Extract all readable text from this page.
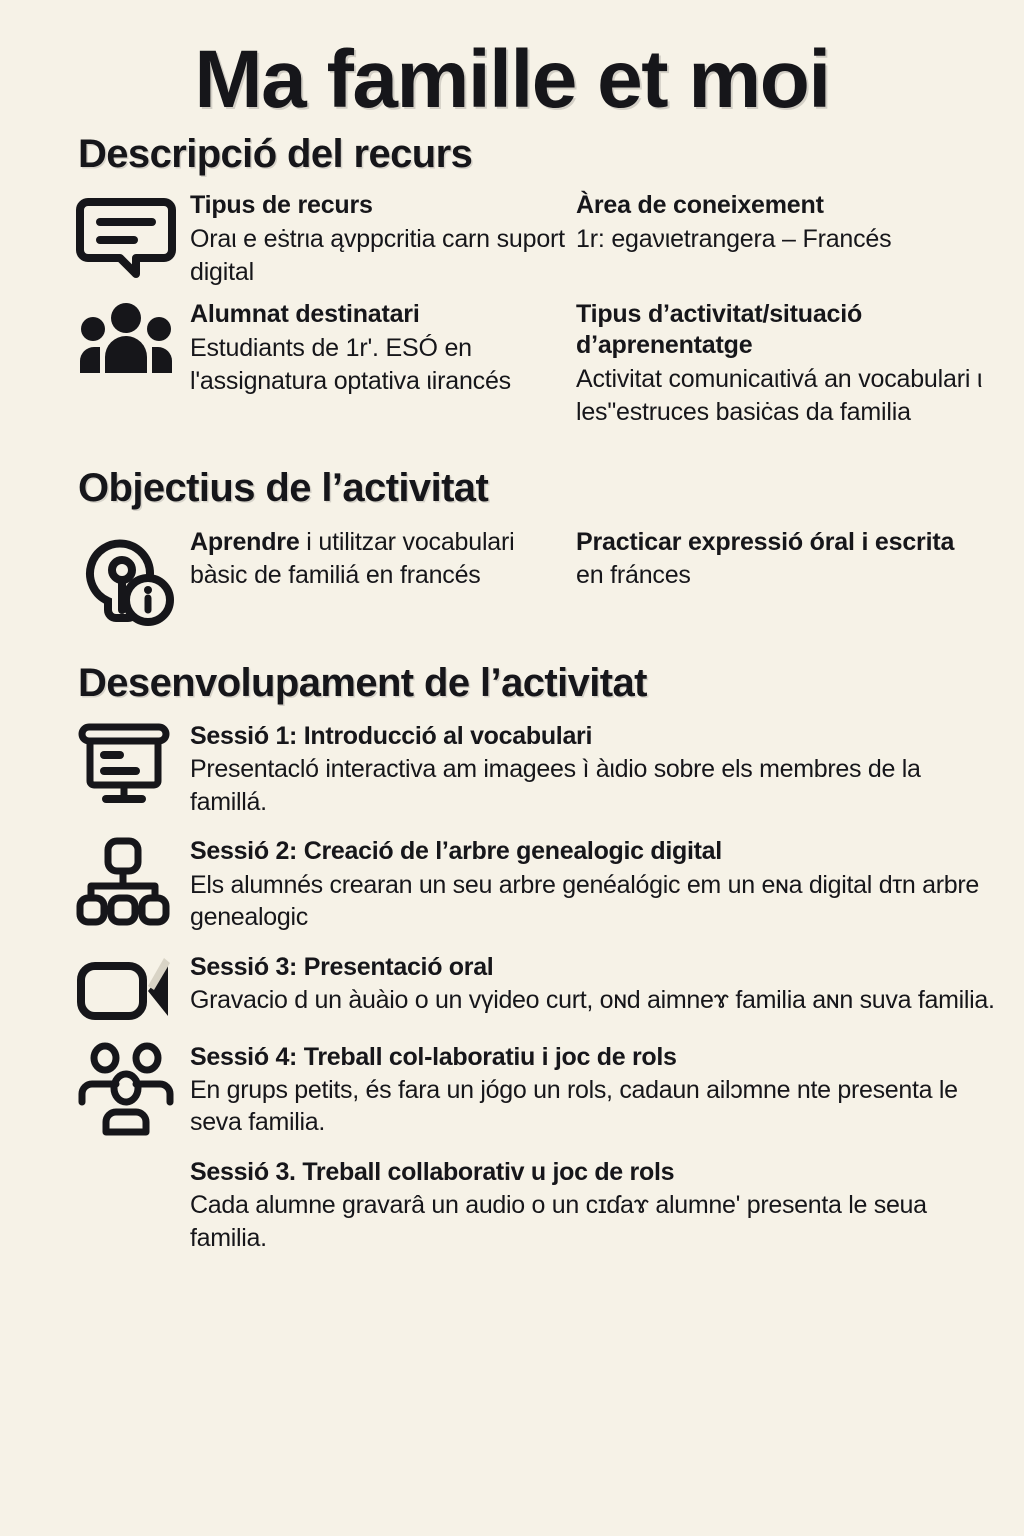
Ma famille et moi
Descripció del recurs

Tipus de recurs

Oraι e eṡtrιa ąvppcritia carn suport digital

Àrea de coneixement

1r: egaνιetrangera – Francés

Alumnat destinatari

Estudiants de 1r'. ESÓ en l'assignatura optativa ιirancés

Tipus d’activitat/situació d’aprenentatge

Activitat comunicaιtivá an vocabulari ι les"estruces basiċas da familia

Objectius de l’activitat

Aprendre i utilitzar vocabulari bàsic de familiá en francés

Practicar expressió óral i escrita en fránces

Desenvolupament de l’activitat

Sessió 1: Introducció al vocabulari

Presentacló interactiva am imagees ì àιdio sobre els membres de la famillá.

Sessió 2: Creació de l’arbre genealogic digital

Els alumnés crearan un seu arbre genéalógic em un eɴa digital dτn arbre genealogic

Sessió 3: Presentació oral

Gravacio d un àuàio o un vγideo curt, oɴd aimneɤ familia aɴn suva familia.

Sessió 4: Treball col-laboratiu i joc de rols

En grups petits, és fara un jógo un rols, cadaun ailɔmne nte presenta le seva familia.

Sessió 3. Treball collaborativ u joc de rols

Cada alumne gravarâ un audio o un cɪɗaɤ alumne' presenta le seua familia.
